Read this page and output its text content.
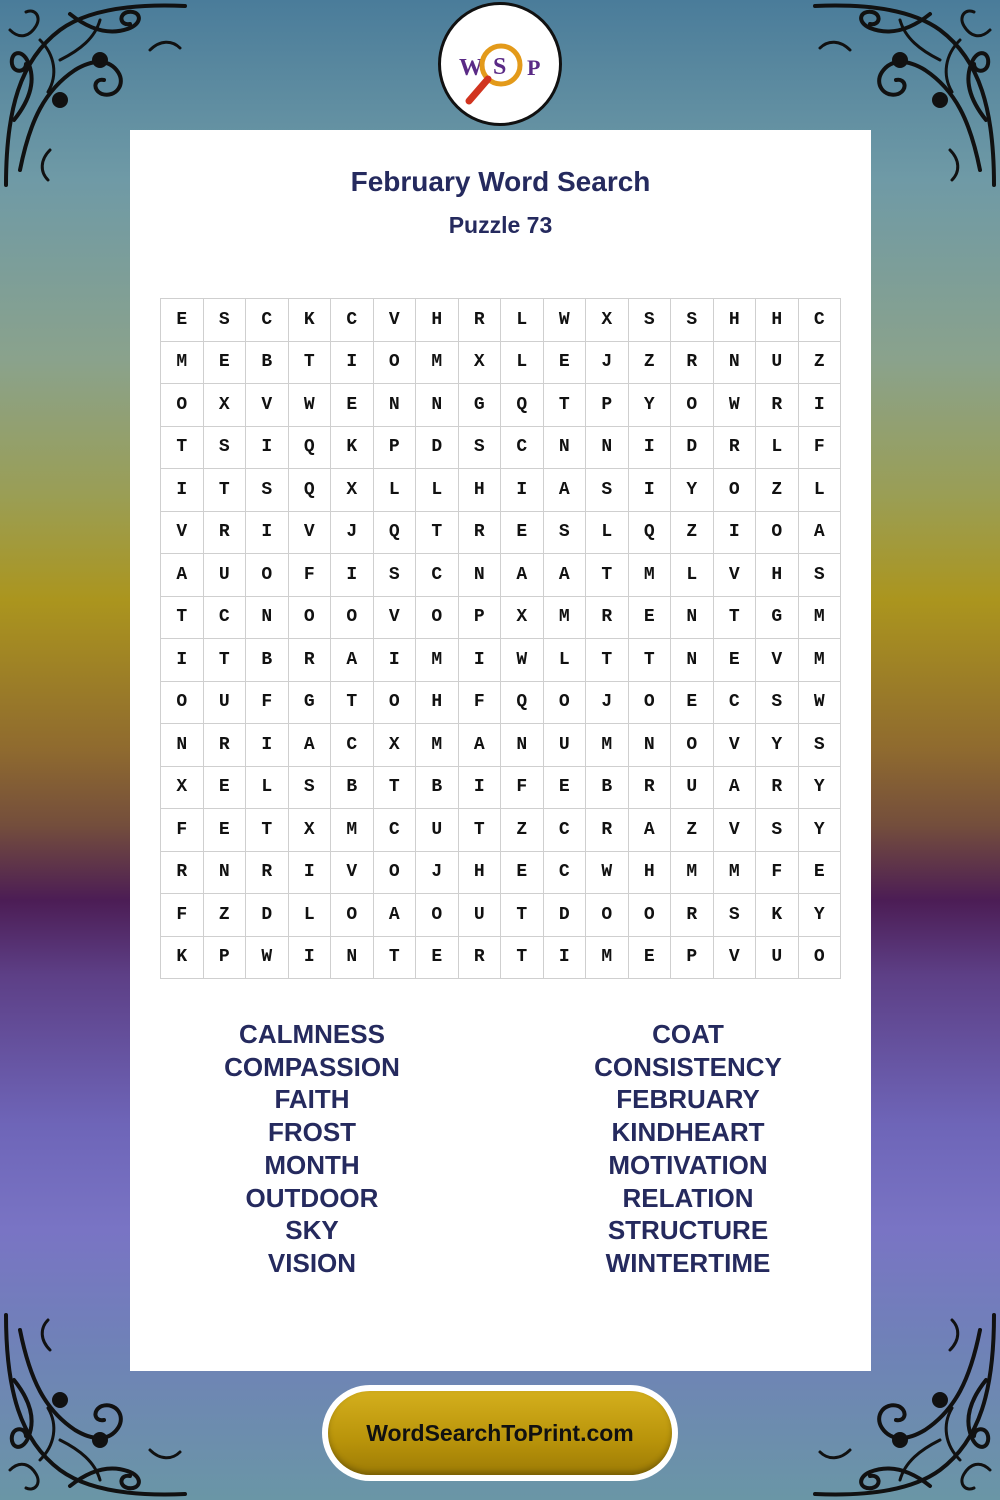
W S P
February Word Search
Puzzle 73
E	S	C	K	C	V	H	R	L	W	X	S	S	H	H	C
M	E	B	T	I	O	M	X	L	E	J	Z	R	N	U	Z
O	X	V	W	E	N	N	G	Q	T	P	Y	O	W	R	I
T	S	I	Q	K	P	D	S	C	N	N	I	D	R	L	F
I	T	S	Q	X	L	L	H	I	A	S	I	Y	O	Z	L
V	R	I	V	J	Q	T	R	E	S	L	Q	Z	I	O	A
A	U	O	F	I	S	C	N	A	A	T	M	L	V	H	S
T	C	N	O	O	V	O	P	X	M	R	E	N	T	G	M
I	T	B	R	A	I	M	I	W	L	T	T	N	E	V	M
O	U	F	G	T	O	H	F	Q	O	J	O	E	C	S	W
N	R	I	A	C	X	M	A	N	U	M	N	O	V	Y	S
X	E	L	S	B	T	B	I	F	E	B	R	U	A	R	Y
F	E	T	X	M	C	U	T	Z	C	R	A	Z	V	S	Y
R	N	R	I	V	O	J	H	E	C	W	H	M	M	F	E
F	Z	D	L	O	A	O	U	T	D	O	O	R	S	K	Y
K	P	W	I	N	T	E	R	T	I	M	E	P	V	U	O
CALMNESS
COMPASSION
FAITH
FROST
MONTH
OUTDOOR
SKY
VISION
COAT
CONSISTENCY
FEBRUARY
KINDHEART
MOTIVATION
RELATION
STRUCTURE
WINTERTIME
WordSearchToPrint.com
